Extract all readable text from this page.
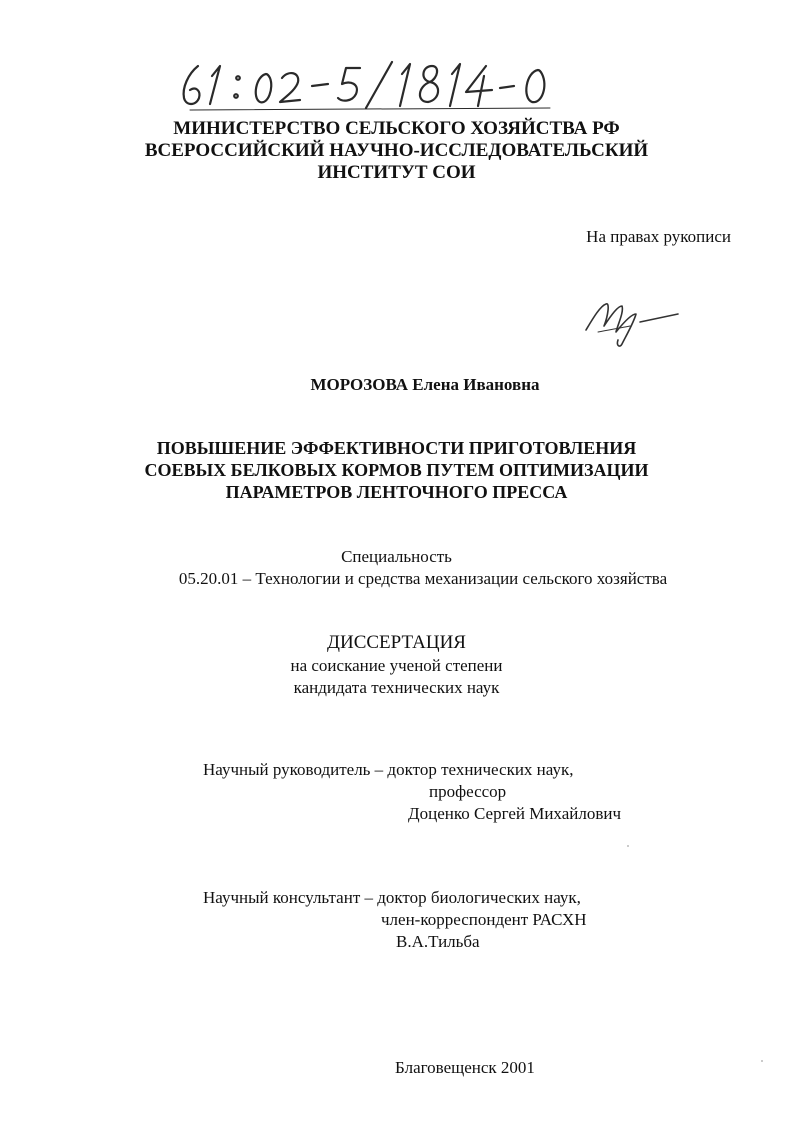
МИНИСТЕРСТВО СЕЛЬСКОГО ХОЗЯЙСТВА РФ
ВСЕРОССИЙСКИЙ НАУЧНО-ИССЛЕДОВАТЕЛЬСКИЙ
ИНСТИТУТ СОИ
На правах рукописи
МОРОЗОВА Елена Ивановна
ПОВЫШЕНИЕ ЭФФЕКТИВНОСТИ ПРИГОТОВЛЕНИЯ
СОЕВЫХ БЕЛКОВЫХ КОРМОВ ПУТЕМ ОПТИМИЗАЦИИ
ПАРАМЕТРОВ ЛЕНТОЧНОГО ПРЕССА
Специальность
05.20.01 – Технологии и средства механизации сельского хозяйства
ДИССЕРТАЦИЯ
на соискание ученой степени
кандидата технических наук
Научный руководитель – доктор технических наук,
профессор
Доценко Сергей Михайлович
Научный консультант – доктор биологических наук,
член-корреспондент РАСХН
В.А.Тильба
Благовещенск 2001
